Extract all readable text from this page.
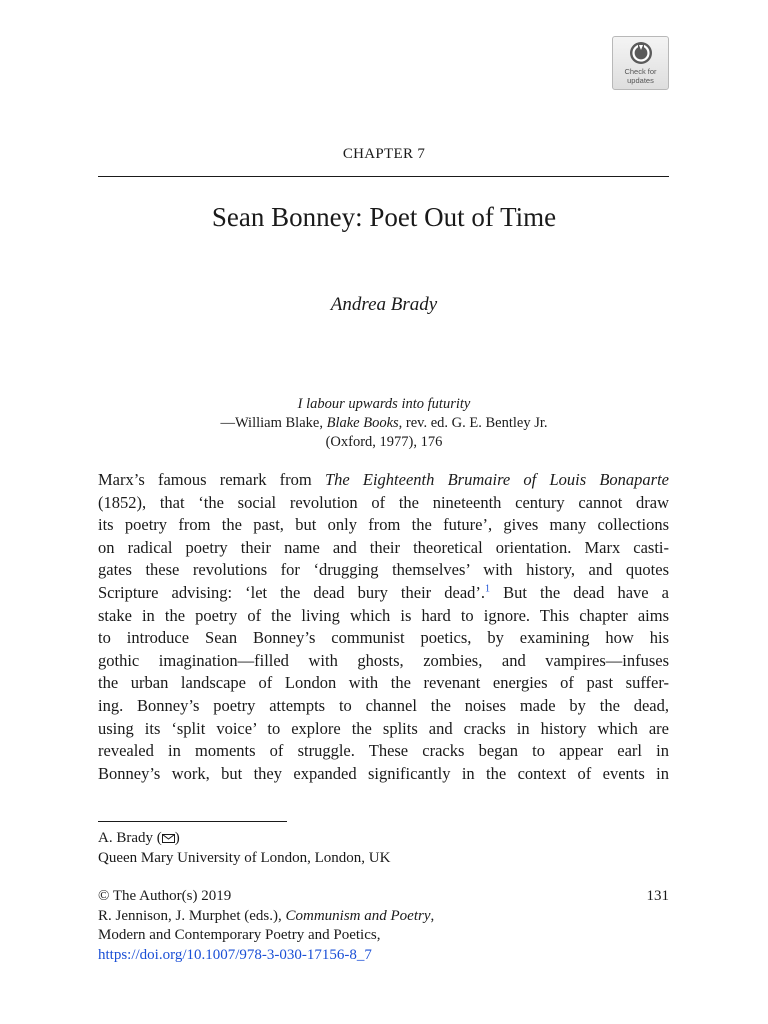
Check for
updates
CHAPTER 7
Sean Bonney: Poet Out of Time
Andrea Brady
I labour upwards into futurity
—William Blake, Blake Books, rev. ed. G. E. Bentley Jr.
(Oxford, 1977), 176
Marx’s famous remark from The Eighteenth Brumaire of Louis Bonaparte
(1852), that ‘the social revolution of the nineteenth century cannot draw
its poetry from the past, but only from the future’, gives many collections
on radical poetry their name and their theoretical orientation. Marx casti-
gates these revolutions for ‘drugging themselves’ with history, and quotes
Scripture advising: ‘let the dead bury their dead’.$^1$ But the dead have a
stake in the poetry of the living which is hard to ignore. This chapter aims
to introduce Sean Bonney’s communist poetics, by examining how his
gothic imagination—filled with ghosts, zombies, and vampires—infuses
the urban landscape of London with the revenant energies of past suffer-
ing. Bonney’s poetry attempts to channel the noises made by the dead,
using its ‘split voice’ to explore the splits and cracks in history which are
revealed in moments of struggle. These cracks began to appear earl in
Bonney’s work, but they expanded significantly in the context of events in
A. Brady ( )
Queen Mary University of London, London, UK
© The Author(s) 2019
R. Jennison, J. Murphet (eds.), Communism and Poetry,
Modern and Contemporary Poetry and Poetics,
https://doi.org/10.1007/978-3-030-17156-8_7
131
